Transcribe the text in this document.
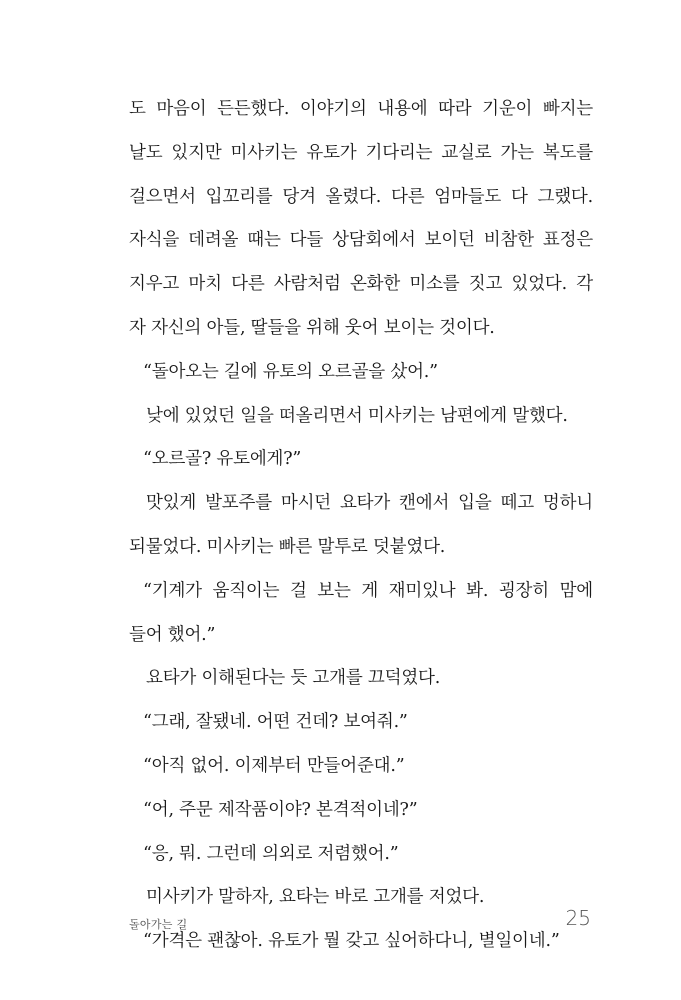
도 마음이 든든했다. 이야기의 내용에 따라 기운이 빠지는
날도 있지만 미사키는 유토가 기다리는 교실로 가는 복도를
걸으면서 입꼬리를 당겨 올렸다. 다른 엄마들도 다 그랬다.
자식을 데려올 때는 다들 상담회에서 보이던 비참한 표정은
지우고 마치 다른 사람처럼 온화한 미소를 짓고 있었다. 각
자 자신의 아들, 딸들을 위해 웃어 보이는 것이다.
“돌아오는 길에 유토의 오르골을 샀어.”
낮에 있었던 일을 떠올리면서 미사키는 남편에게 말했다.
“오르골? 유토에게?”
맛있게 발포주를 마시던 요타가 캔에서 입을 떼고 멍하니
되물었다. 미사키는 빠른 말투로 덧붙였다.
“기계가 움직이는 걸 보는 게 재미있나 봐. 굉장히 맘에
들어 했어.”
요타가 이해된다는 듯 고개를 끄덕였다.
“그래, 잘됐네. 어떤 건데? 보여줘.”
“아직 없어. 이제부터 만들어준대.”
“어, 주문 제작품이야? 본격적이네?”
“응, 뭐. 그런데 의외로 저렴했어.”
미사키가 말하자, 요타는 바로 고개를 저었다.
“가격은 괜찮아. 유토가 뭘 갖고 싶어하다니, 별일이네.”
돌아가는 길	25
